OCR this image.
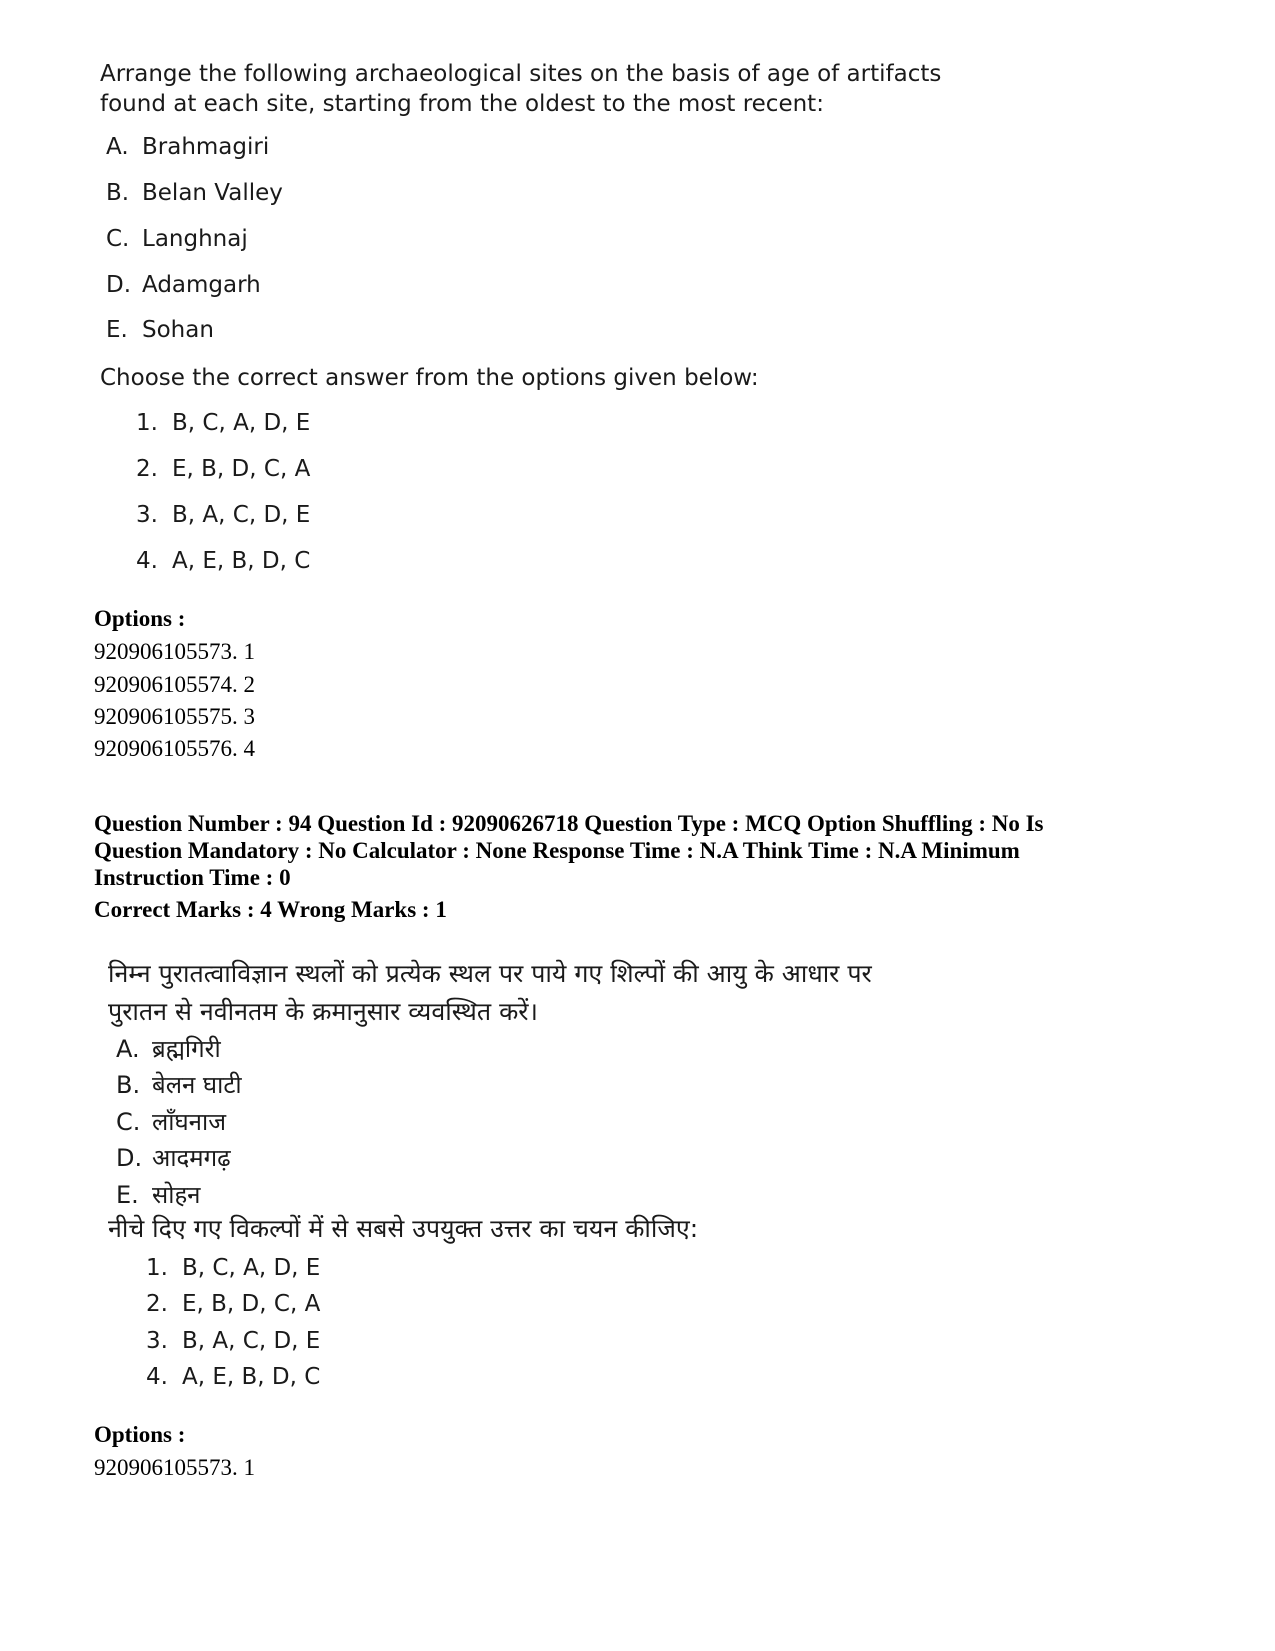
Arrange the following archaeological sites on the basis of age of artifacts

found at each site, starting from the oldest to the most recent:

A. Brahmagiri
B. Belan Valley
C. Langhnaj
D. Adamgarh
E. Sohan

Choose the correct answer from the options given below:

1. B, C, A, D, E
2. E, B, D, C, A
3. B, A, C, D, E
4. A, E, B, D, C

Options :

920906105573. 1

920906105574. 2

920906105575. 3

920906105576. 4

Question Number : 94 Question Id : 92090626718 Question Type : MCQ Option Shuffling : No Is

Question Mandatory : No Calculator : None Response Time : N.A Think Time : N.A Minimum

Instruction Time : 0

Correct Marks : 4 Wrong Marks : 1

निम्न पुरातत्वाविज्ञान स्थलों को प्रत्येक स्थल पर पाये गए शिल्पों की आयु के आधार पर

पुरातन से नवीनतम के क्रमानुसार व्यवस्थित करें।

A. ब्रह्मगिरी
B. बेलन घाटी
C. लाँघनाज
D. आदमगढ़
E. सोहन

नीचे दिए गए विकल्पों में से सबसे उपयुक्त उत्तर का चयन कीजिए:

1. B, C, A, D, E
2. E, B, D, C, A
3. B, A, C, D, E
4. A, E, B, D, C

Options :

920906105573. 1
